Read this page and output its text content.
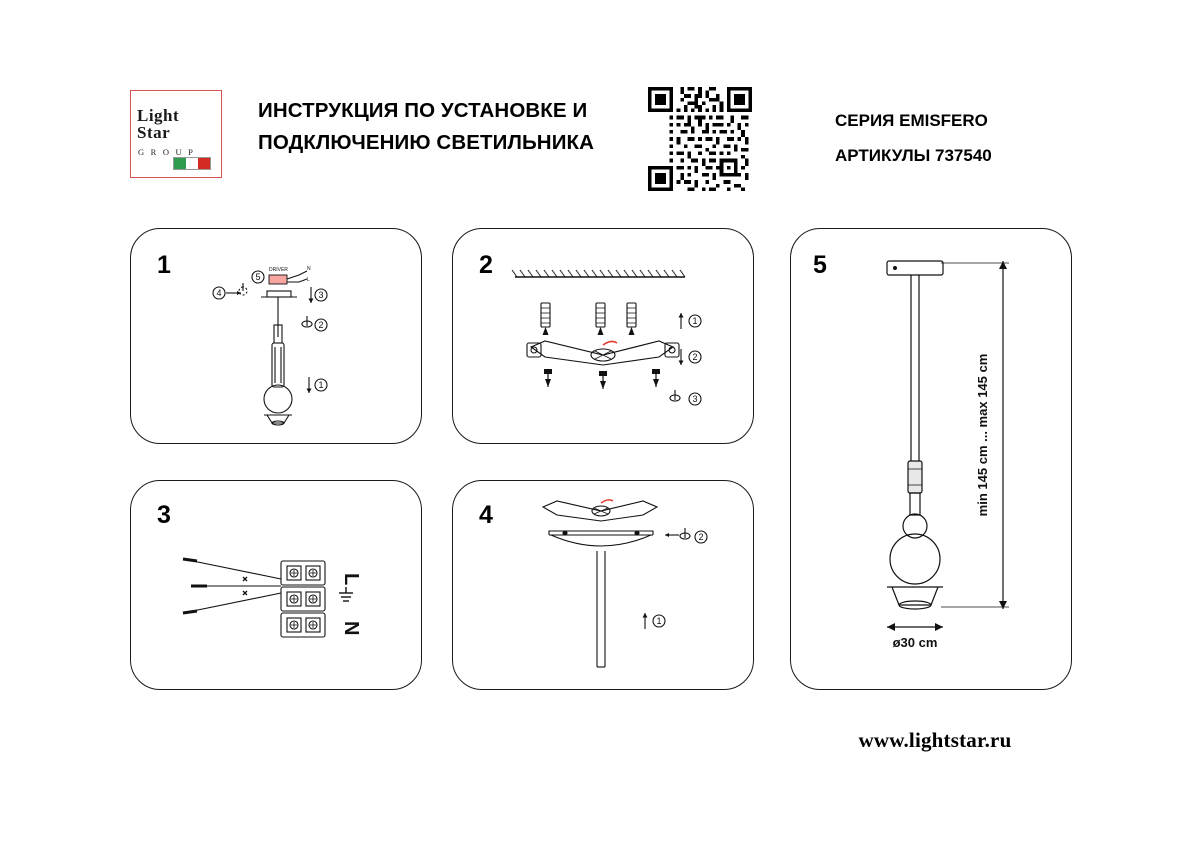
Light
Star
G R O U P
ИНСТРУКЦИЯ ПО УСТАНОВКЕ И
ПОДКЛЮЧЕНИЮ СВЕТИЛЬНИКА
СЕРИЯ EMISFERO
АРТИКУЛЫ 737540
1	DRIVER	N
L
5
4	3
2
1
3
L
N
2
1
2
3
4
2
1
5
min 145 cm ... max 145 cm
ø30 cm
www.lightstar.ru
